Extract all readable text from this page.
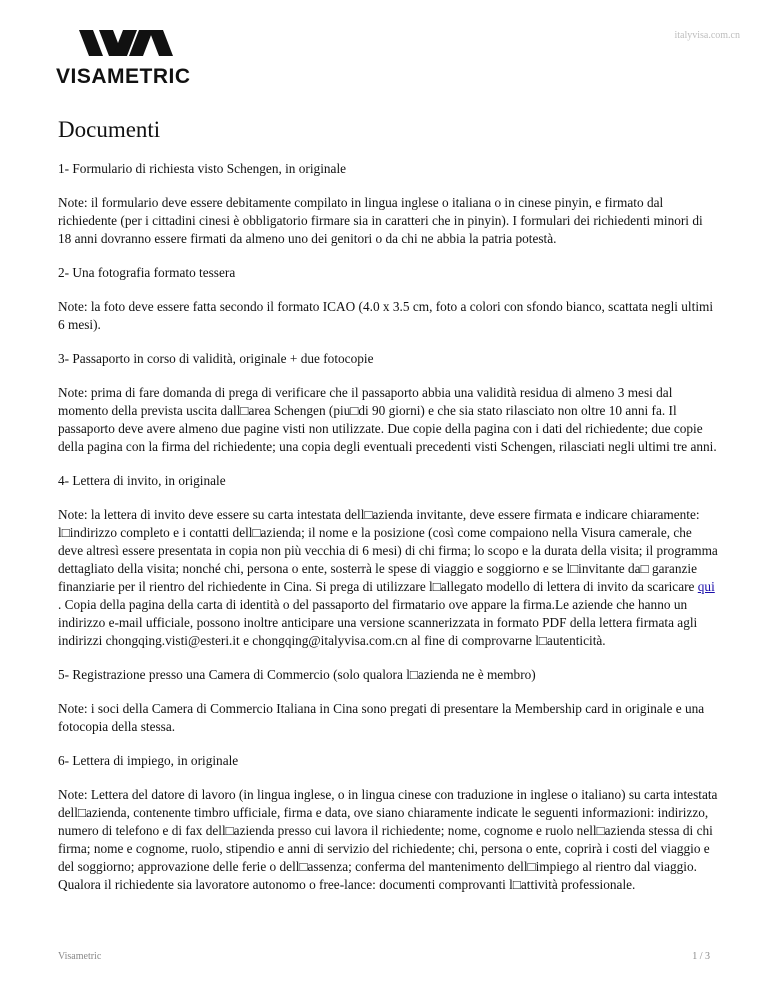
italyvisa.com.cn
VISAMETRIC
Documenti

1- Formulario di richiesta visto Schengen, in originale

Note: il formulario deve essere debitamente compilato in lingua inglese o italiana o in cinese pinyin, e firmato dal richiedente (per i cittadini cinesi è obbligatorio firmare sia in caratteri che in pinyin). I formulari dei richiedenti minori di 18 anni dovranno essere firmati da almeno uno dei genitori o da chi ne abbia la patria potestà.

2- Una fotografia formato tessera

Note: la foto deve essere fatta secondo il formato ICAO (4.0 x 3.5 cm, foto a colori con sfondo bianco, scattata negli ultimi 6 mesi).

3- Passaporto in corso di validità, originale + due fotocopie

Note: prima di fare domanda di prega di verificare che il passaporto abbia una validità residua di almeno 3 mesi dal momento della prevista uscita dall□area Schengen (piu□di 90 giorni) e che sia stato rilasciato non oltre 10 anni fa. Il passaporto deve avere almeno due pagine visti non utilizzate. Due copie della pagina con i dati del richiedente; due copie della pagina con la firma del richiedente; una copia degli eventuali precedenti visti Schengen, rilasciati negli ultimi tre anni.

4- Lettera di invito, in originale

Note: la lettera di invito deve essere su carta intestata dell□azienda invitante, deve essere firmata e indicare chiaramente: l□indirizzo completo e i contatti dell□azienda; il nome e la posizione (così come compaiono nella Visura camerale, che deve altresì essere presentata in copia non più vecchia di 6 mesi) di chi firma; lo scopo e la durata della visita; il programma dettagliato della visita; nonché chi, persona o ente, sosterrà le spese di viaggio e soggiorno e se l□invitante da□ garanzie finanziarie per il rientro del richiedente in Cina. Si prega di utilizzare l□allegato modello di lettera di invito da scaricare qui . Copia della pagina della carta di identità o del passaporto del firmatario ove appare la firma.Le aziende che hanno un indirizzo e-mail ufficiale, possono inoltre anticipare una versione scannerizzata in formato PDF della lettera firmata agli indirizzi chongqing.visti@esteri.it e chongqing@italyvisa.com.cn al fine di comprovarne l□autenticità.

5- Registrazione presso una Camera di Commercio (solo qualora l□azienda ne è membro)

Note: i soci della Camera di Commercio Italiana in Cina sono pregati di presentare la Membership card in originale e una fotocopia della stessa.

6- Lettera di impiego, in originale

Note: Lettera del datore di lavoro (in lingua inglese, o in lingua cinese con traduzione in inglese o italiano) su carta intestata dell□azienda, contenente timbro ufficiale, firma e data, ove siano chiaramente indicate le seguenti informazioni: indirizzo, numero di telefono e di fax dell□azienda presso cui lavora il richiedente; nome, cognome e ruolo nell□azienda stessa di chi firma; nome e cognome, ruolo, stipendio e anni di servizio del richiedente; chi, persona o ente, coprirà i costi del viaggio e del soggiorno; approvazione delle ferie o dell□assenza; conferma del mantenimento dell□impiego al rientro dal viaggio. Qualora il richiedente sia lavoratore autonomo o free-lance: documenti comprovanti l□attività professionale.

Visametric	1 / 3
